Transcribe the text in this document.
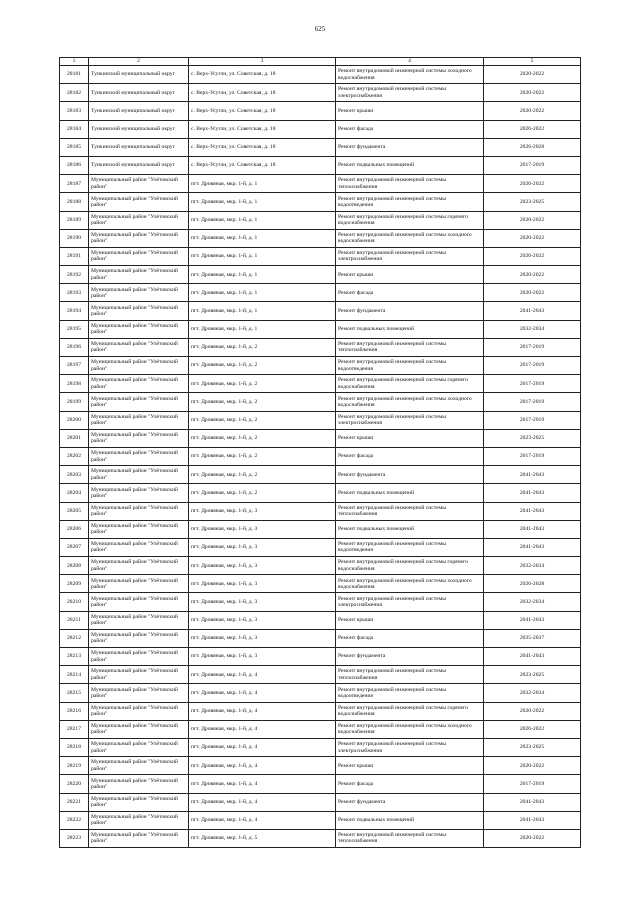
625
1	2	3	4	5
28181	Тункинский муниципальный округ	с. Верх-Усугли, ул. Советская, д. 18	Ремонт внутридомовой инженерной системы холодного водоснабжения	2020-2022
28182	Тункинский муниципальный округ	с. Верх-Усугли, ул. Советская, д. 18	Ремонт внутридомовой инженерной системы электроснабжения	2020-2022
28183	Тункинский муниципальный округ	с. Верх-Усугли, ул. Советская, д. 18	Ремонт крыши	2020-2022
28184	Тункинский муниципальный округ	с. Верх-Усугли, ул. Советская, д. 18	Ремонт фасада	2020-2022
28185	Тункинский муниципальный округ	с. Верх-Усугли, ул. Советская, д. 18	Ремонт фундамента	2026-2028
28186	Тункинский муниципальный округ	с. Верх-Усугли, ул. Советская, д. 18	Ремонт подвальных помещений	2017-2019
28187	Муниципальный район "Улётовский район"	пгт. Дровяная, мкр. 1-й, д. 1	Ремонт внутридомовой инженерной системы теплоснабжения	2020-2022
28188	Муниципальный район "Улётовский район"	пгт. Дровяная, мкр. 1-й, д. 1	Ремонт внутридомовой инженерной системы водоотведения	2023-2025
28189	Муниципальный район "Улётовский район"	пгт. Дровяная, мкр. 1-й, д. 1	Ремонт внутридомовой инженерной системы горячего водоснабжения	2020-2022
28190	Муниципальный район "Улётовский район"	пгт. Дровяная, мкр. 1-й, д. 1	Ремонт внутридомовой инженерной системы холодного водоснабжения	2020-2022
28191	Муниципальный район "Улётовский район"	пгт. Дровяная, мкр. 1-й, д. 1	Ремонт внутридомовой инженерной системы электроснабжения	2020-2022
28192	Муниципальный район "Улётовский район"	пгт. Дровяная, мкр. 1-й, д. 1	Ремонт крыши	2020-2022
28193	Муниципальный район "Улётовский район"	пгт. Дровяная, мкр. 1-й, д. 1	Ремонт фасада	2020-2022
28194	Муниципальный район "Улётовский район"	пгт. Дровяная, мкр. 1-й, д. 1	Ремонт фундамента	2041-2043
28195	Муниципальный район "Улётовский район"	пгт. Дровяная, мкр. 1-й, д. 1	Ремонт подвальных помещений	2032-2034
28196	Муниципальный район "Улётовский район"	пгт. Дровяная, мкр. 1-й, д. 2	Ремонт внутридомовой инженерной системы теплоснабжения	2017-2019
28197	Муниципальный район "Улётовский район"	пгт. Дровяная, мкр. 1-й, д. 2	Ремонт внутридомовой инженерной системы водоотведения	2017-2019
28198	Муниципальный район "Улётовский район"	пгт. Дровяная, мкр. 1-й, д. 2	Ремонт внутридомовой инженерной системы горячего водоснабжения	2017-2019
28199	Муниципальный район "Улётовский район"	пгт. Дровяная, мкр. 1-й, д. 2	Ремонт внутридомовой инженерной системы холодного водоснабжения	2017-2019
28200	Муниципальный район "Улётовский район"	пгт. Дровяная, мкр. 1-й, д. 2	Ремонт внутридомовой инженерной системы электроснабжения	2017-2019
28201	Муниципальный район "Улётовский район"	пгт. Дровяная, мкр. 1-й, д. 2	Ремонт крыши	2023-2025
28202	Муниципальный район "Улётовский район"	пгт. Дровяная, мкр. 1-й, д. 2	Ремонт фасада	2017-2019
28203	Муниципальный район "Улётовский район"	пгт. Дровяная, мкр. 1-й, д. 2	Ремонт фундамента	2041-2043
28204	Муниципальный район "Улётовский район"	пгт. Дровяная, мкр. 1-й, д. 2	Ремонт подвальных помещений	2041-2043
28205	Муниципальный район "Улётовский район"	пгт. Дровяная, мкр. 1-й, д. 3	Ремонт внутридомовой инженерной системы теплоснабжения	2041-2043
28206	Муниципальный район "Улётовский район"	пгт. Дровяная, мкр. 1-й, д. 3	Ремонт подвальных помещений	2041-2043
28207	Муниципальный район "Улётовский район"	пгт. Дровяная, мкр. 1-й, д. 3	Ремонт внутридомовой инженерной системы водоотведения	2041-2043
28208	Муниципальный район "Улётовский район"	пгт. Дровяная, мкр. 1-й, д. 3	Ремонт внутридомовой инженерной системы горячего водоснабжения	2032-2034
28209	Муниципальный район "Улётовский район"	пгт. Дровяная, мкр. 1-й, д. 3	Ремонт внутридомовой инженерной системы холодного водоснабжения	2026-2028
28210	Муниципальный район "Улётовский район"	пгт. Дровяная, мкр. 1-й, д. 3	Ремонт внутридомовой инженерной системы электроснабжения	2032-2034
28211	Муниципальный район "Улётовский район"	пгт. Дровяная, мкр. 1-й, д. 3	Ремонт крыши	2041-2043
28212	Муниципальный район "Улётовский район"	пгт. Дровяная, мкр. 1-й, д. 3	Ремонт фасада	2035-2037
28213	Муниципальный район "Улётовский район"	пгт. Дровяная, мкр. 1-й, д. 3	Ремонт фундамента	2041-2043
28214	Муниципальный район "Улётовский район"	пгт. Дровяная, мкр. 1-й, д. 4	Ремонт внутридомовой инженерной системы теплоснабжения	2023-2025
28215	Муниципальный район "Улётовский район"	пгт. Дровяная, мкр. 1-й, д. 4	Ремонт внутридомовой инженерной системы водоотведения	2032-2034
28216	Муниципальный район "Улётовский район"	пгт. Дровяная, мкр. 1-й, д. 4	Ремонт внутридомовой инженерной системы горячего водоснабжения	2020-2022
28217	Муниципальный район "Улётовский район"	пгт. Дровяная, мкр. 1-й, д. 4	Ремонт внутридомовой инженерной системы холодного водоснабжения	2020-2022
28218	Муниципальный район "Улётовский район"	пгт. Дровяная, мкр. 1-й, д. 4	Ремонт внутридомовой инженерной системы электроснабжения	2023-2025
28219	Муниципальный район "Улётовский район"	пгт. Дровяная, мкр. 1-й, д. 4	Ремонт крыши	2020-2022
28220	Муниципальный район "Улётовский район"	пгт. Дровяная, мкр. 1-й, д. 4	Ремонт фасада	2017-2019
28221	Муниципальный район "Улётовский район"	пгт. Дровяная, мкр. 1-й, д. 4	Ремонт фундамента	2041-2043
28222	Муниципальный район "Улётовский район"	пгт. Дровяная, мкр. 1-й, д. 4	Ремонт подвальных помещений	2041-2043
28223	Муниципальный район "Улётовский район"	пгт. Дровяная, мкр. 1-й, д. 5	Ремонт внутридомовой инженерной системы теплоснабжения	2020-2022
